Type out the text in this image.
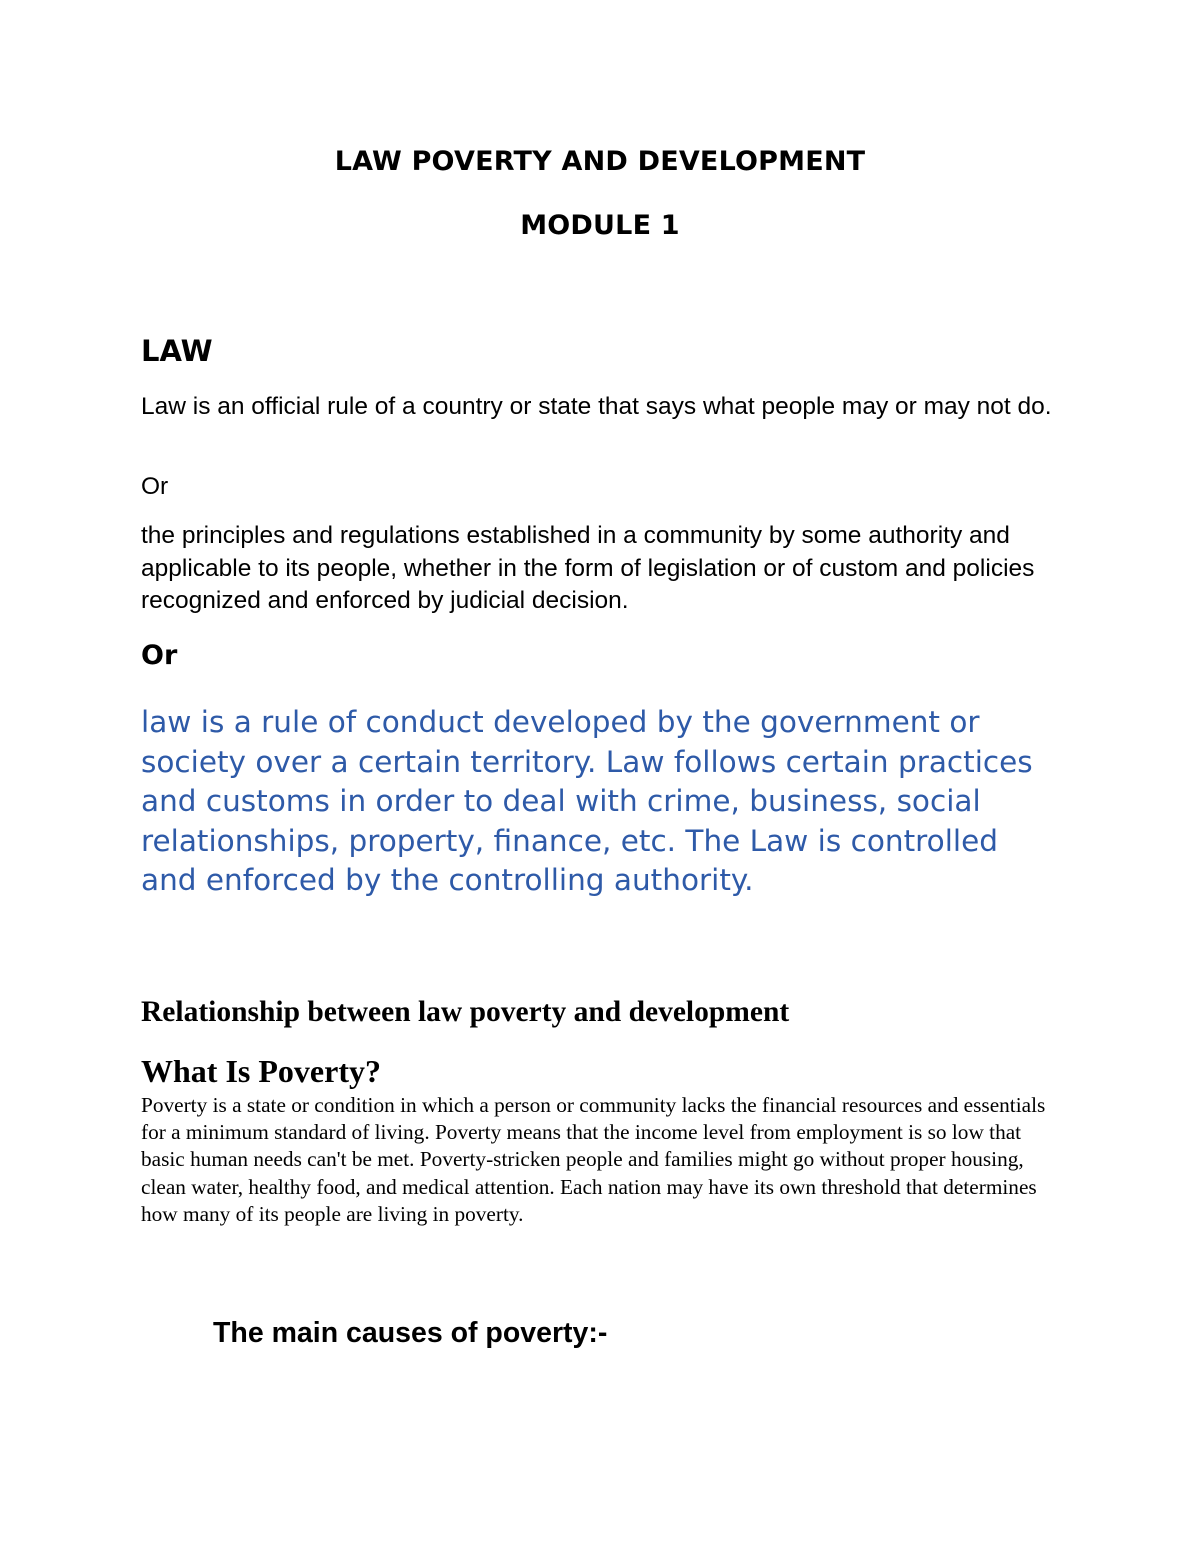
LAW POVERTY AND DEVELOPMENT
MODULE 1
LAW

Law is an official rule of a country or state that says what people may or may not do.

Or

the principles and regulations established in a community by some authority and applicable to its people, whether in the form of legislation or of custom and policies recognized and enforced by judicial decision.

Or

law is a rule of conduct developed by the government or society over a certain territory. Law follows certain practices and customs in order to deal with crime, business, social relationships, property, finance, etc. The Law is controlled and enforced by the controlling authority.

Relationship between law poverty and development
What Is Poverty?

Poverty is a state or condition in which a person or community lacks the financial resources and essentials for a minimum standard of living. Poverty means that the income level from employment is so low that basic human needs can't be met. Poverty-stricken people and families might go without proper housing, clean water, healthy food, and medical attention. Each nation may have its own threshold that determines how many of its people are living in poverty.

The main causes of poverty:-
